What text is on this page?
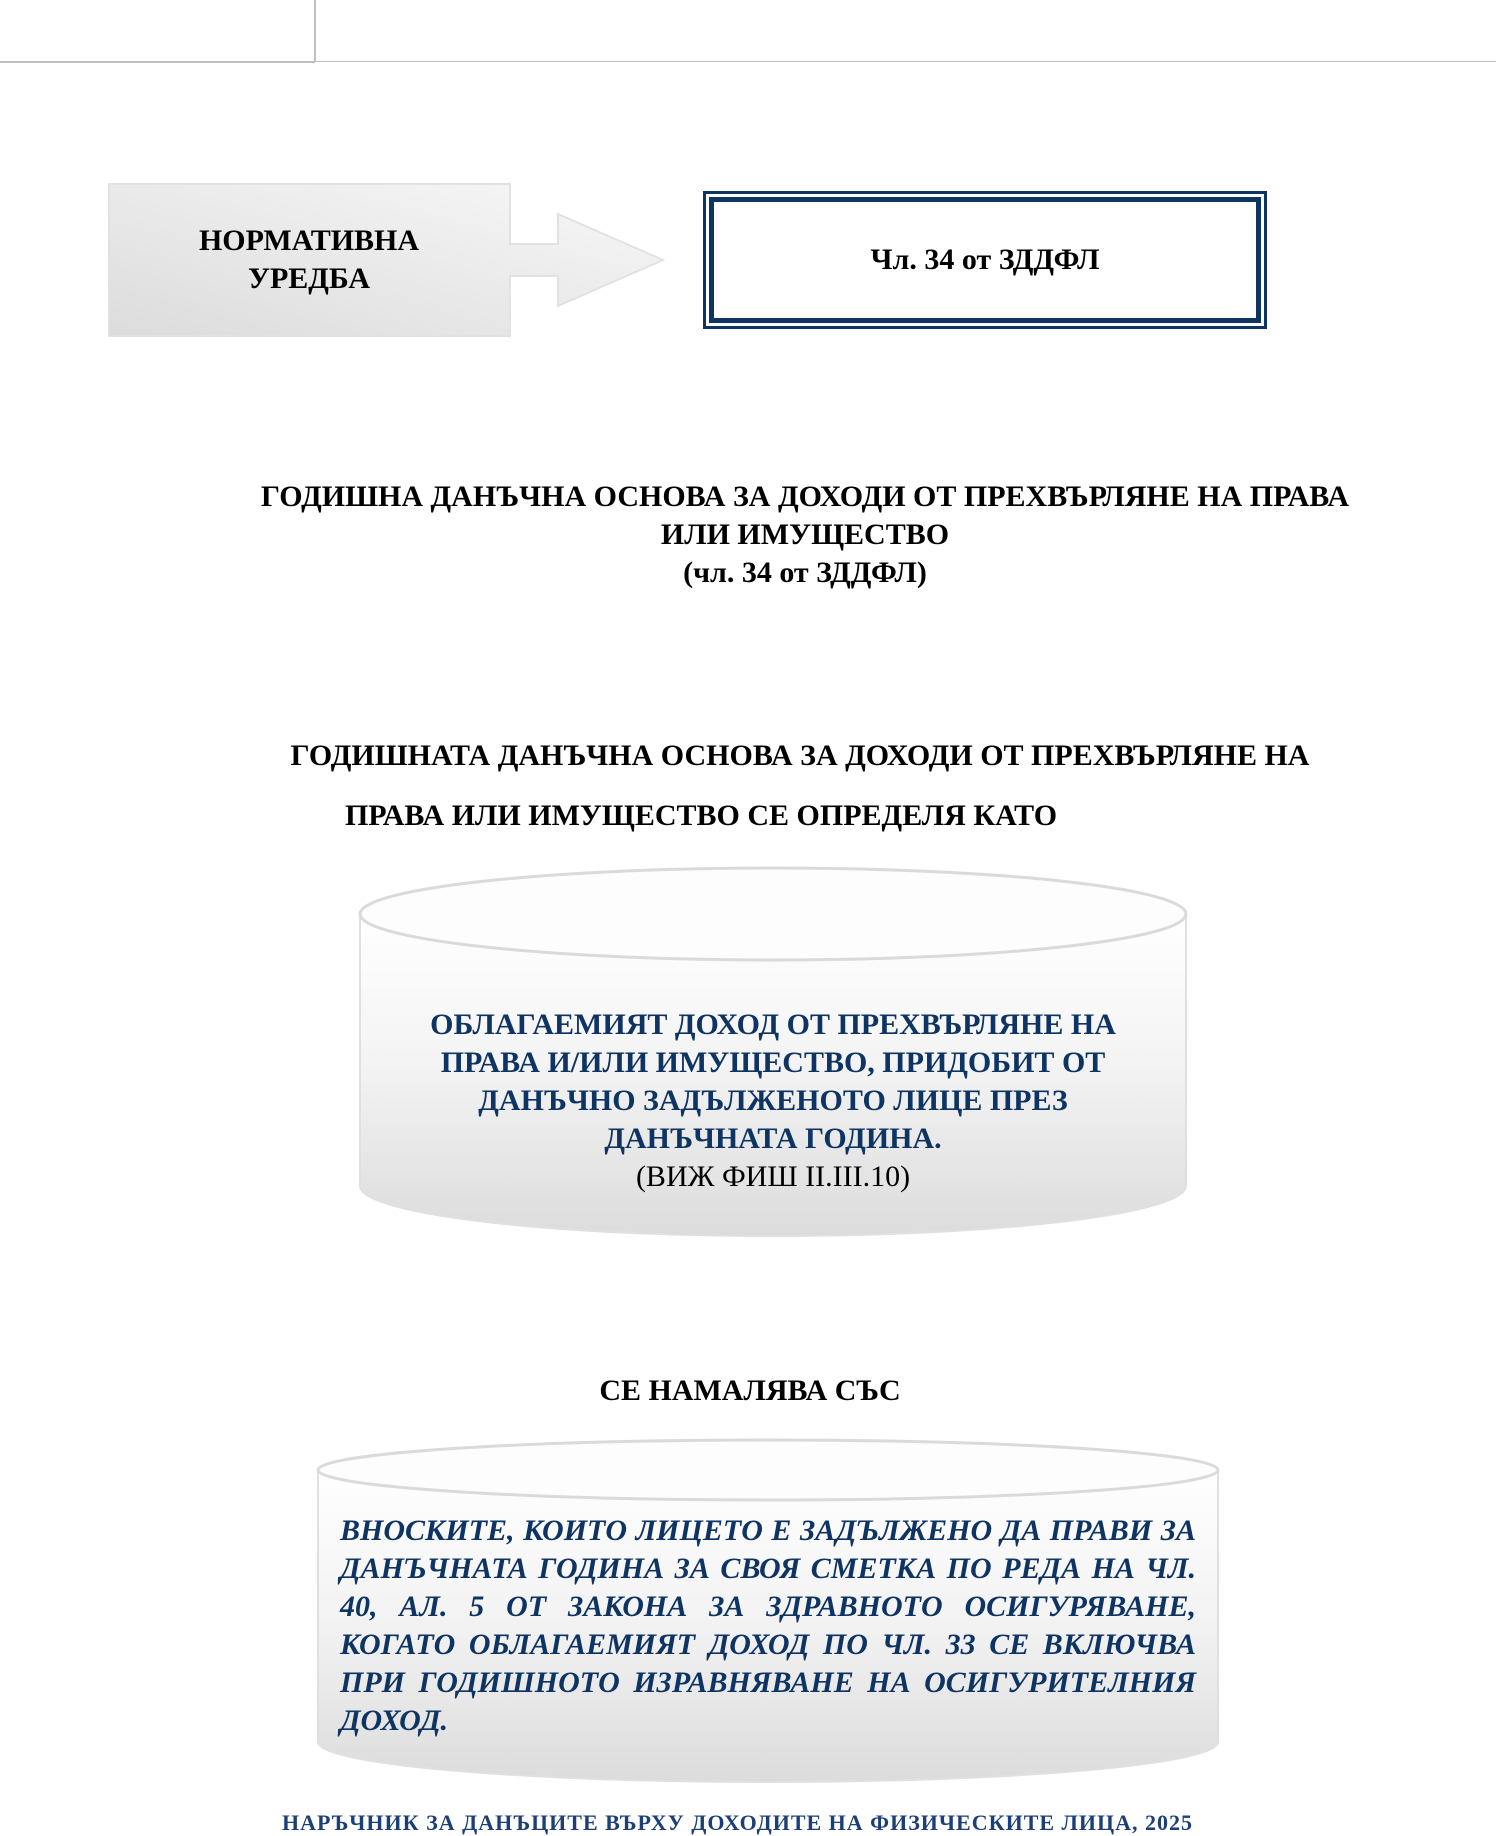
НОРМАТИВНА
УРЕДБА
Чл. 34 от ЗДДФЛ
ГОДИШНА ДАНЪЧНА ОСНОВА ЗА ДОХОДИ ОТ ПРЕХВЪРЛЯНЕ НА ПРАВА
ИЛИ ИМУЩЕСТВО
(чл. 34 от ЗДДФЛ)
ГОДИШНАТА ДАНЪЧНА ОСНОВА ЗА ДОХОДИ ОТ ПРЕХВЪРЛЯНЕ НА
ПРАВА ИЛИ ИМУЩЕСТВО СЕ ОПРЕДЕЛЯ КАТО
ОБЛАГАЕМИЯТ ДОХОД ОТ ПРЕХВЪРЛЯНЕ НА
ПРАВА И/ИЛИ ИМУЩЕСТВО, ПРИДОБИТ ОТ
ДАНЪЧНО ЗАДЪЛЖЕНОТО ЛИЦЕ ПРЕЗ
ДАНЪЧНАТА ГОДИНА.
(ВИЖ ФИШ II.III.10)
СЕ НАМАЛЯВА СЪС
ВНОСКИТЕ, КОИТО ЛИЦЕТО Е ЗАДЪЛЖЕНО ДА ПРАВИ ЗА ДАНЪЧНАТА ГОДИНА ЗА СВОЯ СМЕТКА ПО РЕДА НА ЧЛ. 40, АЛ. 5 ОТ ЗАКОНА ЗА ЗДРАВНОТО ОСИГУРЯВАНЕ, КОГАТО ОБЛАГАЕМИЯТ ДОХОД ПО ЧЛ. 33 СЕ ВКЛЮЧВА ПРИ ГОДИШНОТО ИЗРАВНЯВАНЕ НА ОСИГУРИТЕЛНИЯ ДОХОД.
НАРЪЧНИК ЗА ДАНЪЦИТЕ ВЪРХУ ДОХОДИТЕ НА ФИЗИЧЕСКИТЕ ЛИЦА, 2025
